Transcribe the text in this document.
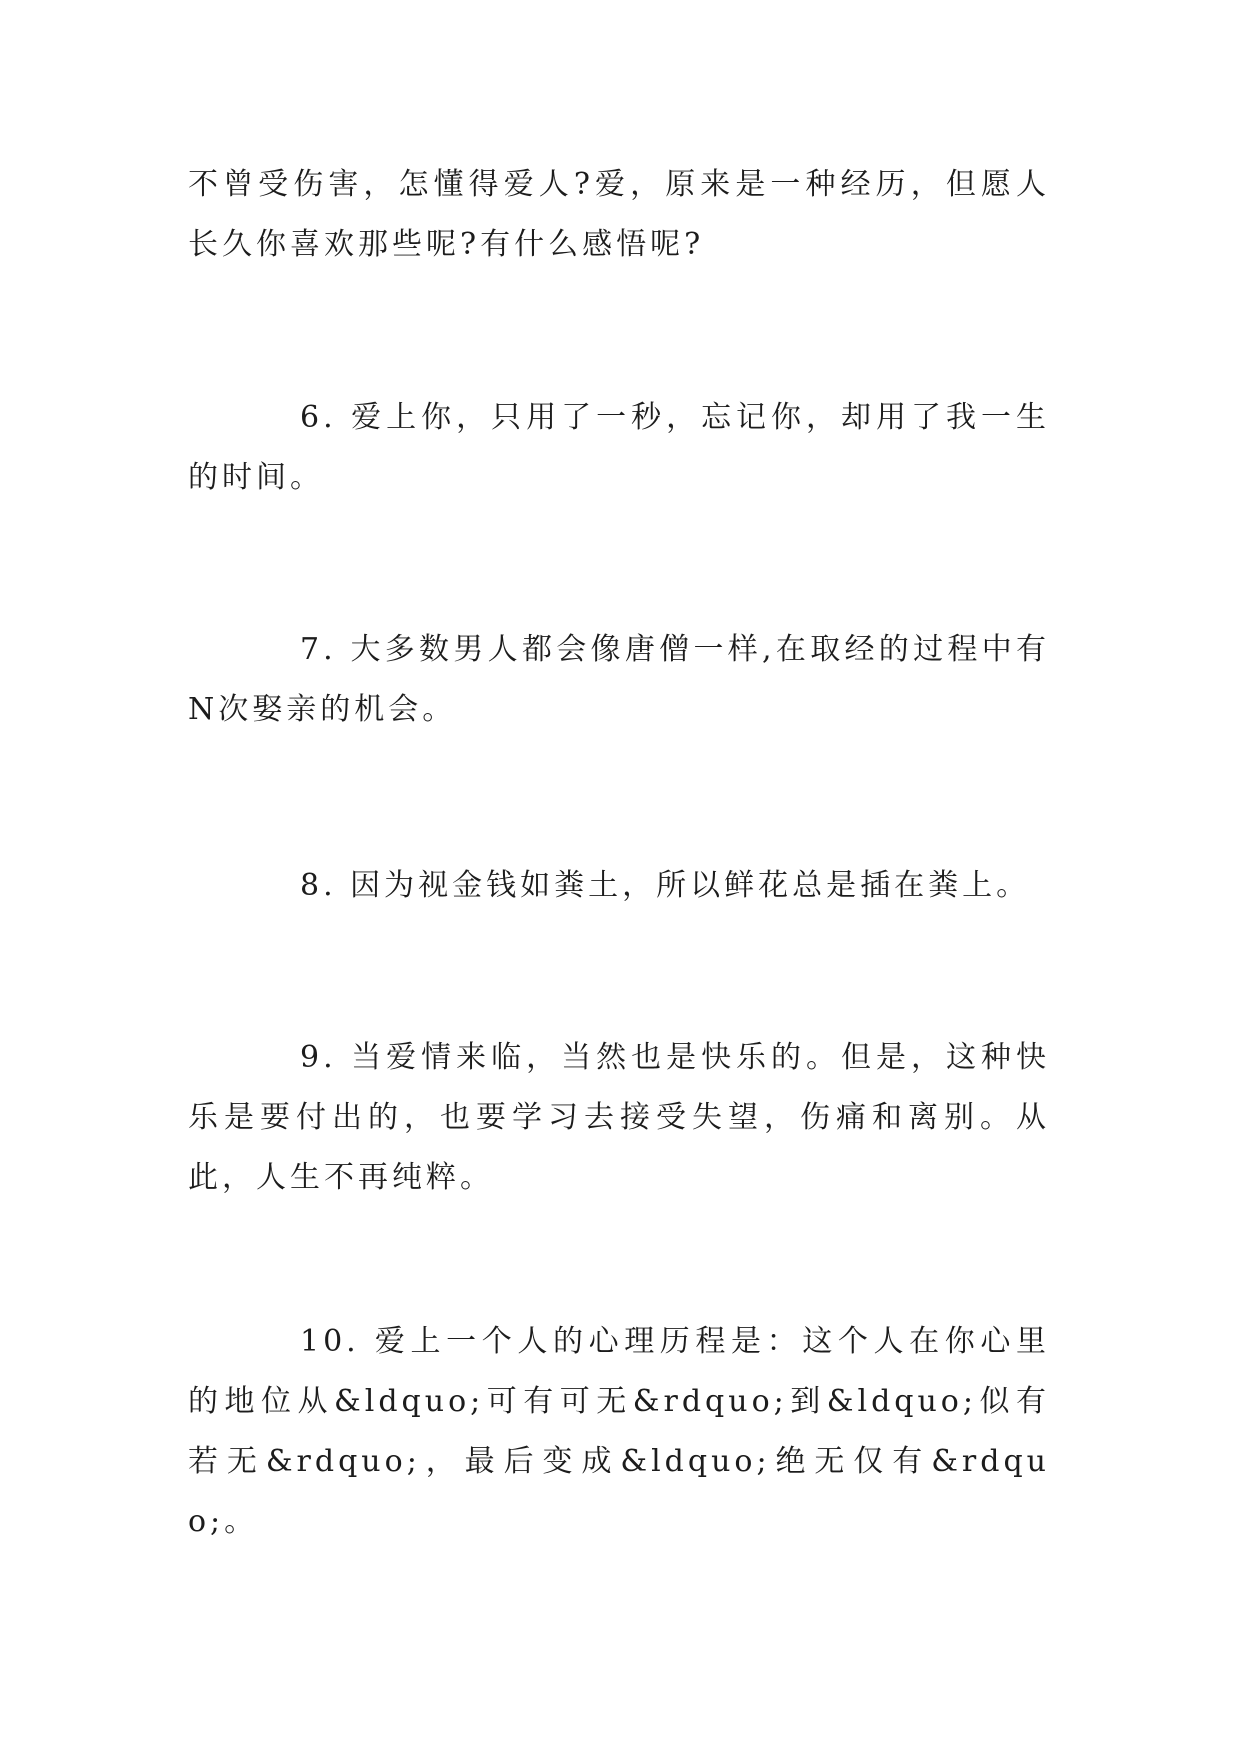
不曾受伤害，怎懂得爱人?爱，原来是一种经历，但愿人长久你喜欢那些呢?有什么感悟呢?

6. 爱上你，只用了一秒，忘记你，却用了我一生的时间。

7. 大多数男人都会像唐僧一样,在取经的过程中有N次娶亲的机会。

8. 因为视金钱如粪土，所以鲜花总是插在粪上。

9. 当爱情来临，当然也是快乐的。但是，这种快乐是要付出的，也要学习去接受失望，伤痛和离别。从此，人生不再纯粹。

10. 爱上一个人的心理历程是：这个人在你心里的地位从&ldquo;可有可无&rdquo;到&ldquo;似有若无&rdquo;，最后变成&ldquo;绝无仅有&rdquo;。
